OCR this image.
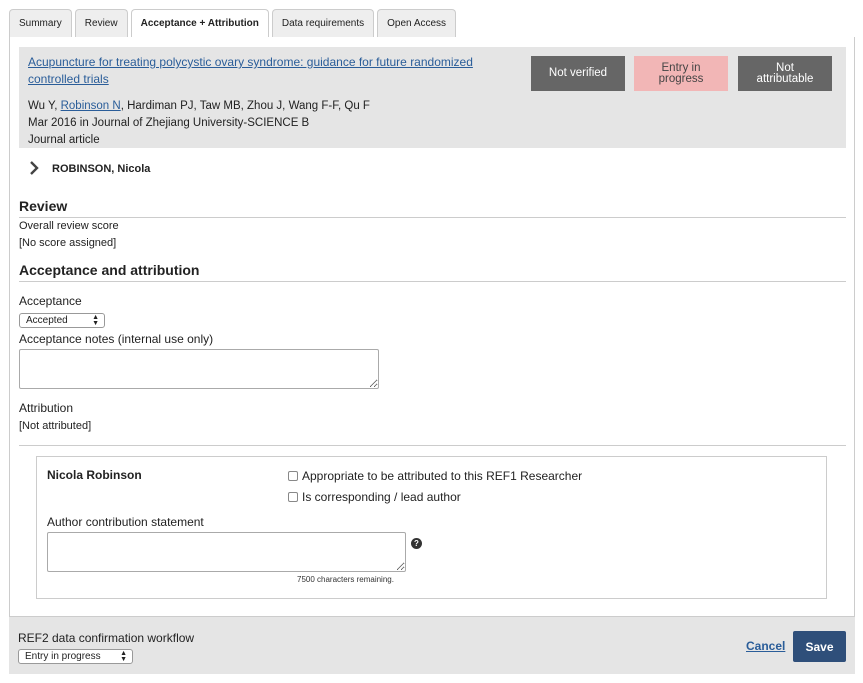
Summary	Review	Acceptance + Attribution	Data requirements	Open Access
Acupuncture for treating polycystic ovary syndrome: guidance for future randomized controlled trials
Wu Y, Robinson N, Hardiman PJ, Taw MB, Zhou J, Wang F-F, Qu F
Mar 2016 in Journal of Zhejiang University-SCIENCE B
Journal article
Not verified	Entry in progress
Not attributable
ROBINSON, Nicola
Review
Overall review score
[No score assigned]
Acceptance and attribution
Acceptance
Accepted	▲
▼
Acceptance notes (internal use only)
Attribution
[Not attributed]
Nicola Robinson	Appropriate to be attributed to this REF1 Researcher
Is corresponding / lead author
Author contribution statement
?
7500 characters remaining.
REF2 data confirmation workflow
Entry in progress	▲
▼
Cancel	Save
